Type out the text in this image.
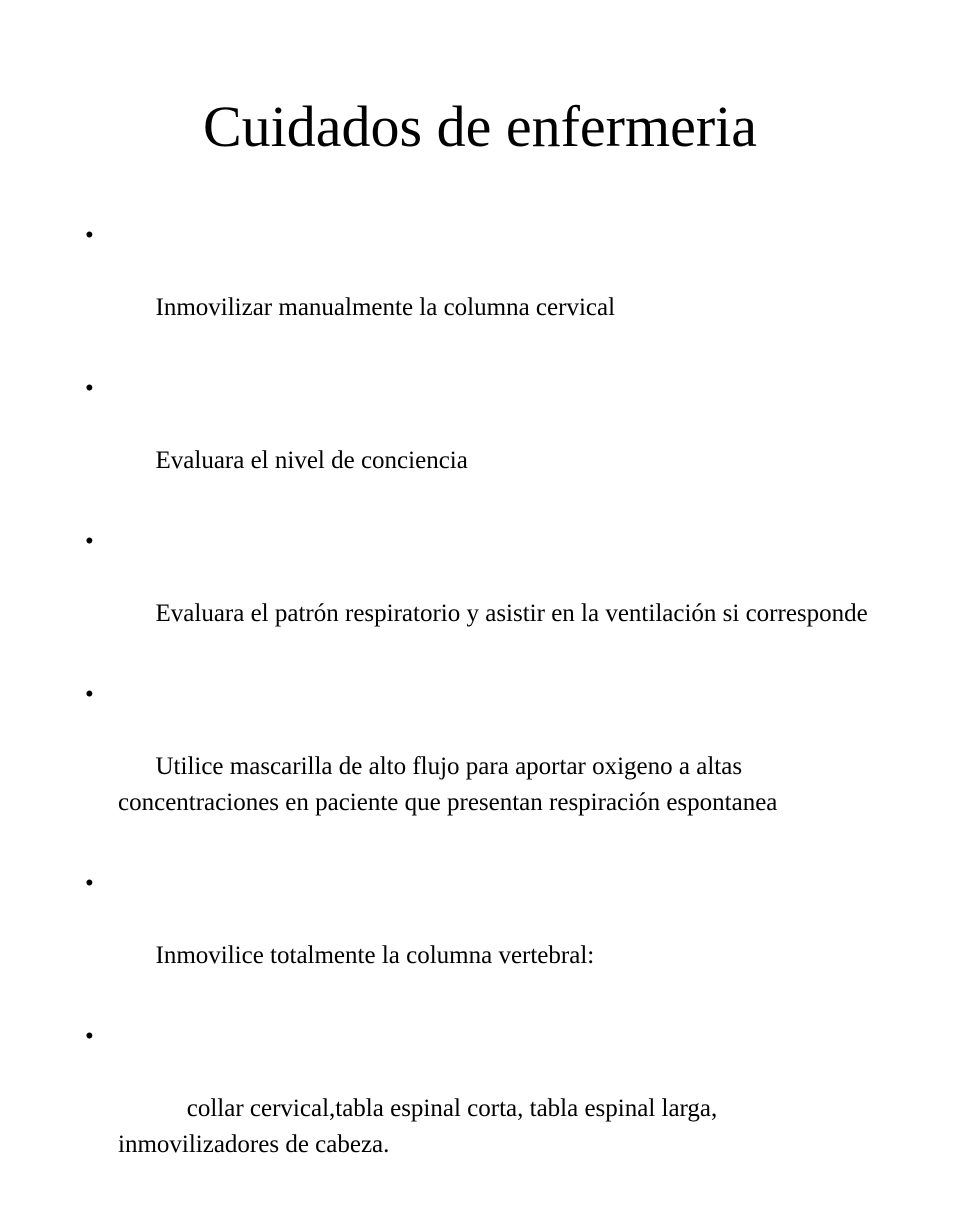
Cuidados de enfermeria

•

Inmovilizar manualmente la columna cervical

•

Evaluara el nivel de conciencia

•

Evaluara el patrón respiratorio y asistir en la ventilación si corresponde

•

Utilice mascarilla de alto flujo para aportar oxigeno a altas concentraciones en paciente que presentan respiración espontanea

•

Inmovilice totalmente la columna vertebral:

•

collar cervical,tabla espinal corta, tabla espinal larga, inmovilizadores de cabeza.
